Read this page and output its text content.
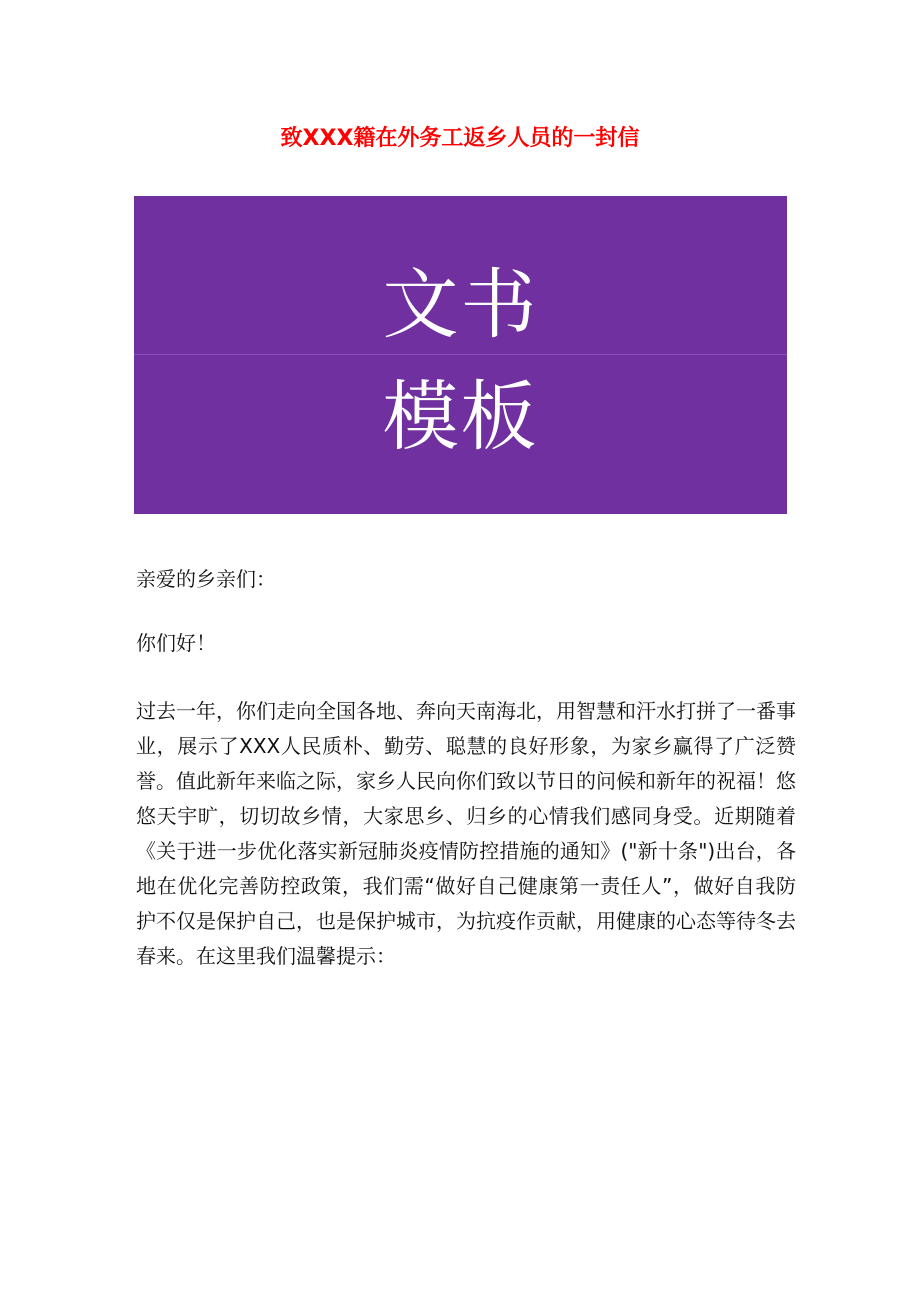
致XXX籍在外务工返乡人员的一封信
文书
模板

亲爱的乡亲们：

你们好！

过去一年，你们走向全国各地、奔向天南海北，用智慧和汗水打拼了一番事业，展示了XXX人民质朴、勤劳、聪慧的良好形象，为家乡赢得了广泛赞誉。值此新年来临之际，家乡人民向你们致以节日的问候和新年的祝福！悠悠天宇旷，切切故乡情，大家思乡、归乡的心情我们感同身受。近期随着《关于进一步优化落实新冠肺炎疫情防控措施的通知》("新十条")出台，各地在优化完善防控政策，我们需“做好自己健康第一责任人”，做好自我防护不仅是保护自己，也是保护城市，为抗疫作贡献，用健康的心态等待冬去春来。在这里我们温馨提示：
